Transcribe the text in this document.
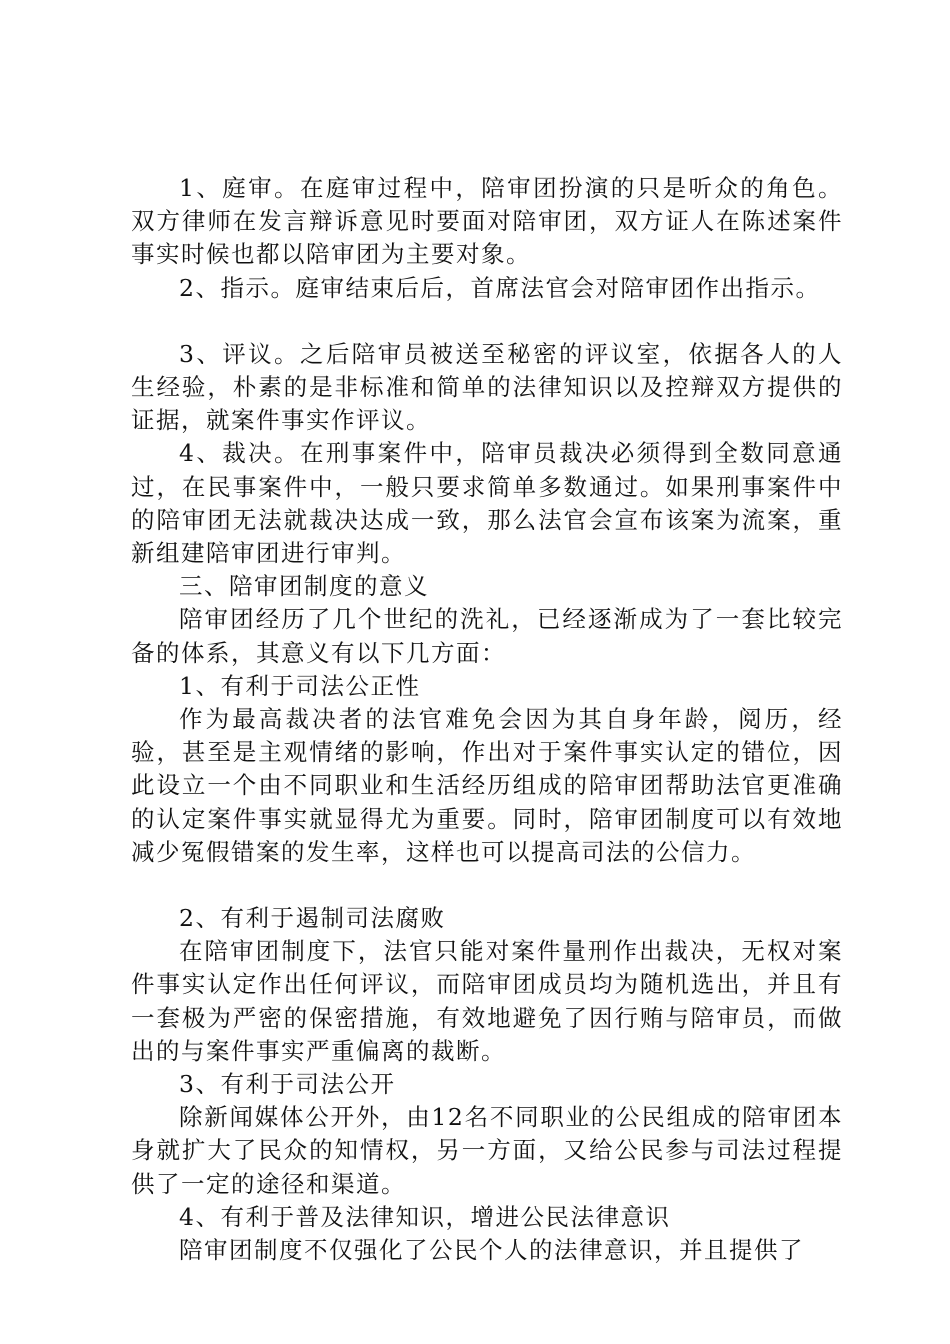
1、庭审。在庭审过程中，陪审团扮演的只是听众的角色。双方律师在发言辩诉意见时要面对陪审团，双方证人在陈述案件事实时候也都以陪审团为主要对象。

2、指示。庭审结束后后，首席法官会对陪审团作出指示。

3、评议。之后陪审员被送至秘密的评议室，依据各人的人生经验，朴素的是非标准和简单的法律知识以及控辩双方提供的证据，就案件事实作评议。

4、裁决。在刑事案件中，陪审员裁决必须得到全数同意通过，在民事案件中，一般只要求简单多数通过。如果刑事案件中的陪审团无法就裁决达成一致，那么法官会宣布该案为流案，重新组建陪审团进行审判。

三、陪审团制度的意义

陪审团经历了几个世纪的洗礼，已经逐渐成为了一套比较完备的体系，其意义有以下几方面：

1、有利于司法公正性

作为最高裁决者的法官难免会因为其自身年龄，阅历，经验，甚至是主观情绪的影响，作出对于案件事实认定的错位，因此设立一个由不同职业和生活经历组成的陪审团帮助法官更准确的认定案件事实就显得尤为重要。同时，陪审团制度可以有效地减少冤假错案的发生率，这样也可以提高司法的公信力。

2、有利于遏制司法腐败

在陪审团制度下，法官只能对案件量刑作出裁决，无权对案件事实认定作出任何评议，而陪审团成员均为随机选出，并且有一套极为严密的保密措施，有效地避免了因行贿与陪审员，而做出的与案件事实严重偏离的裁断。

3、有利于司法公开

除新闻媒体公开外，由12名不同职业的公民组成的陪审团本身就扩大了民众的知情权，另一方面，又给公民参与司法过程提供了一定的途径和渠道。

4、有利于普及法律知识，增进公民法律意识

陪审团制度不仅强化了公民个人的法律意识，并且提供了
